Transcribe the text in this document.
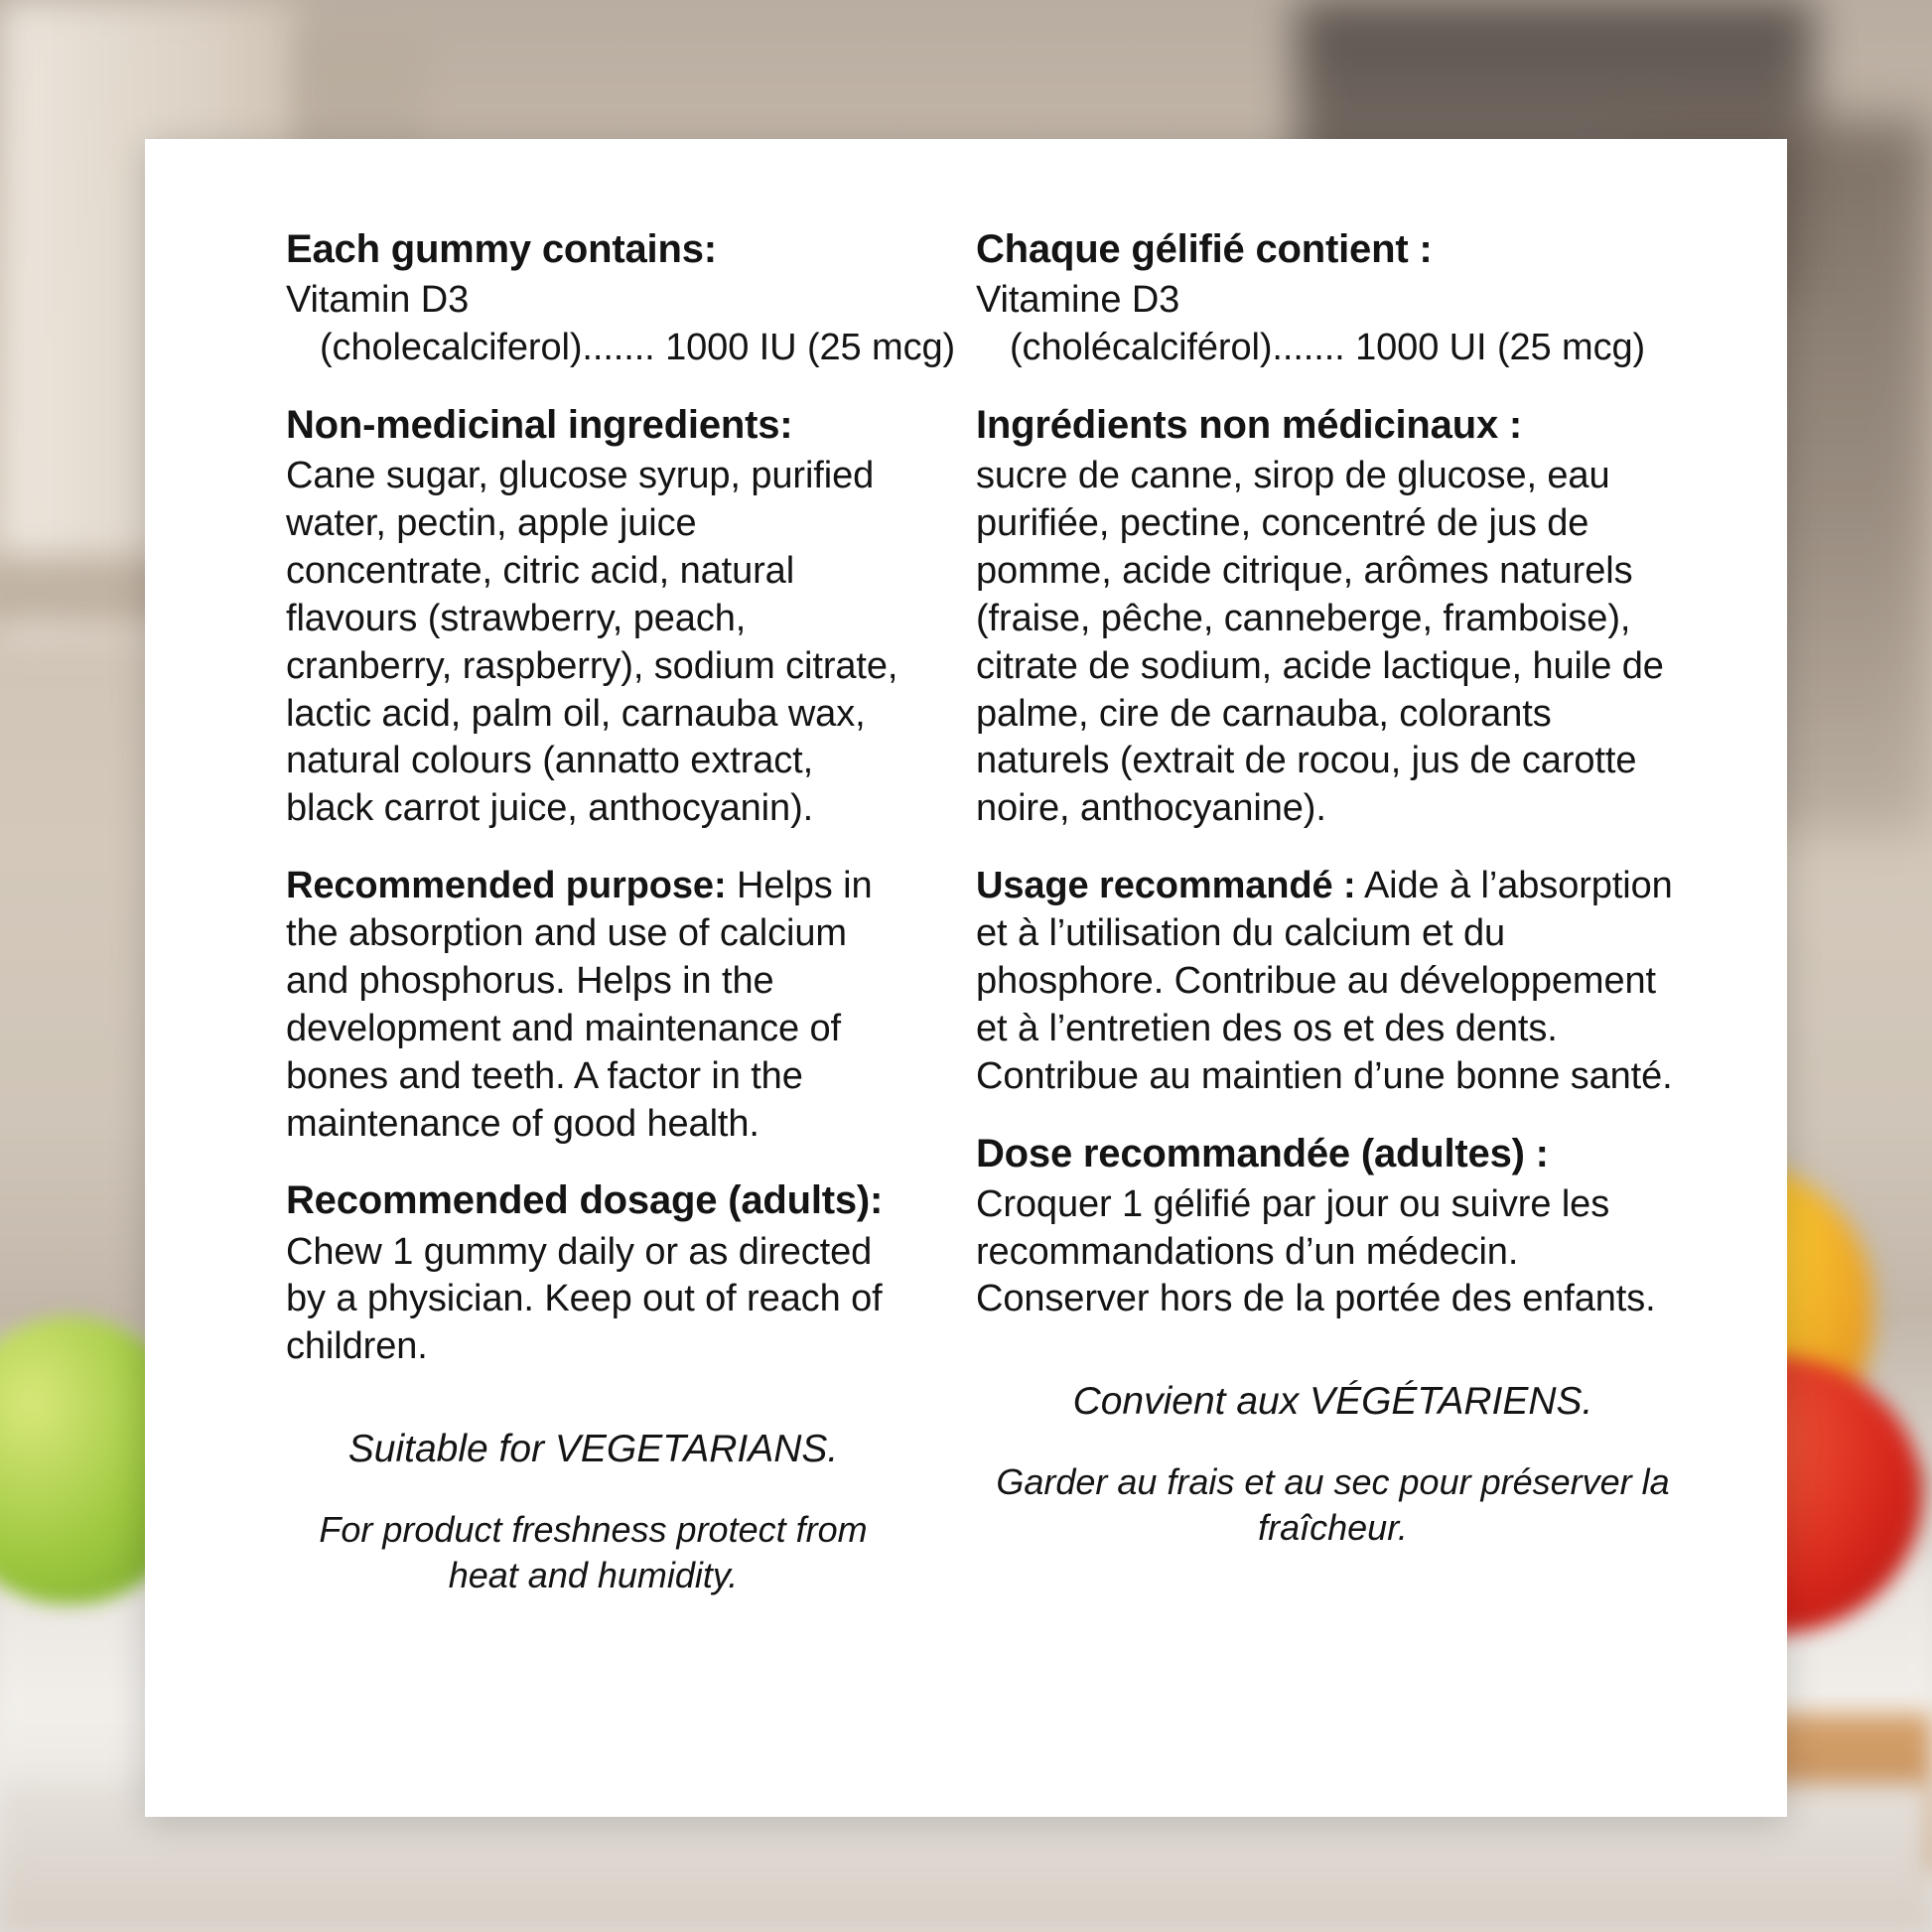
Each gummy contains:

Vitamin D3

(cholecalciferol)....... 1000 IU (25 mcg)

Non-medicinal ingredients:

Cane sugar, glucose syrup, purified water, pectin, apple juice concentrate, citric acid, natural flavours (strawberry, peach, cranberry, raspberry), sodium citrate, lactic acid, palm oil, carnauba wax, natural colours (annatto extract, black carrot juice, anthocyanin).

Recommended purpose: Helps in the absorption and use of calcium and phosphorus. Helps in the development and maintenance of bones and teeth. A factor in the maintenance of good health.

Recommended dosage (adults):

Chew 1 gummy daily or as directed by a physician. Keep out of reach of children.

Suitable for VEGETARIANS.

For product freshness protect from heat and humidity.

Chaque gélifié contient :

Vitamine D3

(cholécalciférol)....... 1000 UI (25 mcg)

Ingrédients non médicinaux :

sucre de canne, sirop de glucose, eau purifiée, pectine, concentré de jus de pomme, acide citrique, arômes naturels (fraise, pêche, canneberge, framboise), citrate de sodium, acide lactique, huile de palme, cire de carnauba, colorants naturels (extrait de rocou, jus de carotte noire, anthocyanine).

Usage recommandé : Aide à l’absorption et à l’utilisation du calcium et du phosphore. Contribue au développement et à l’entretien des os et des dents. Contribue au maintien d’une bonne santé.

Dose recommandée (adultes) :

Croquer 1 gélifié par jour ou suivre les recommandations d’un médecin. Conserver hors de la portée des enfants.

Convient aux VÉGÉTARIENS.

Garder au frais et au sec pour préserver la fraîcheur.
